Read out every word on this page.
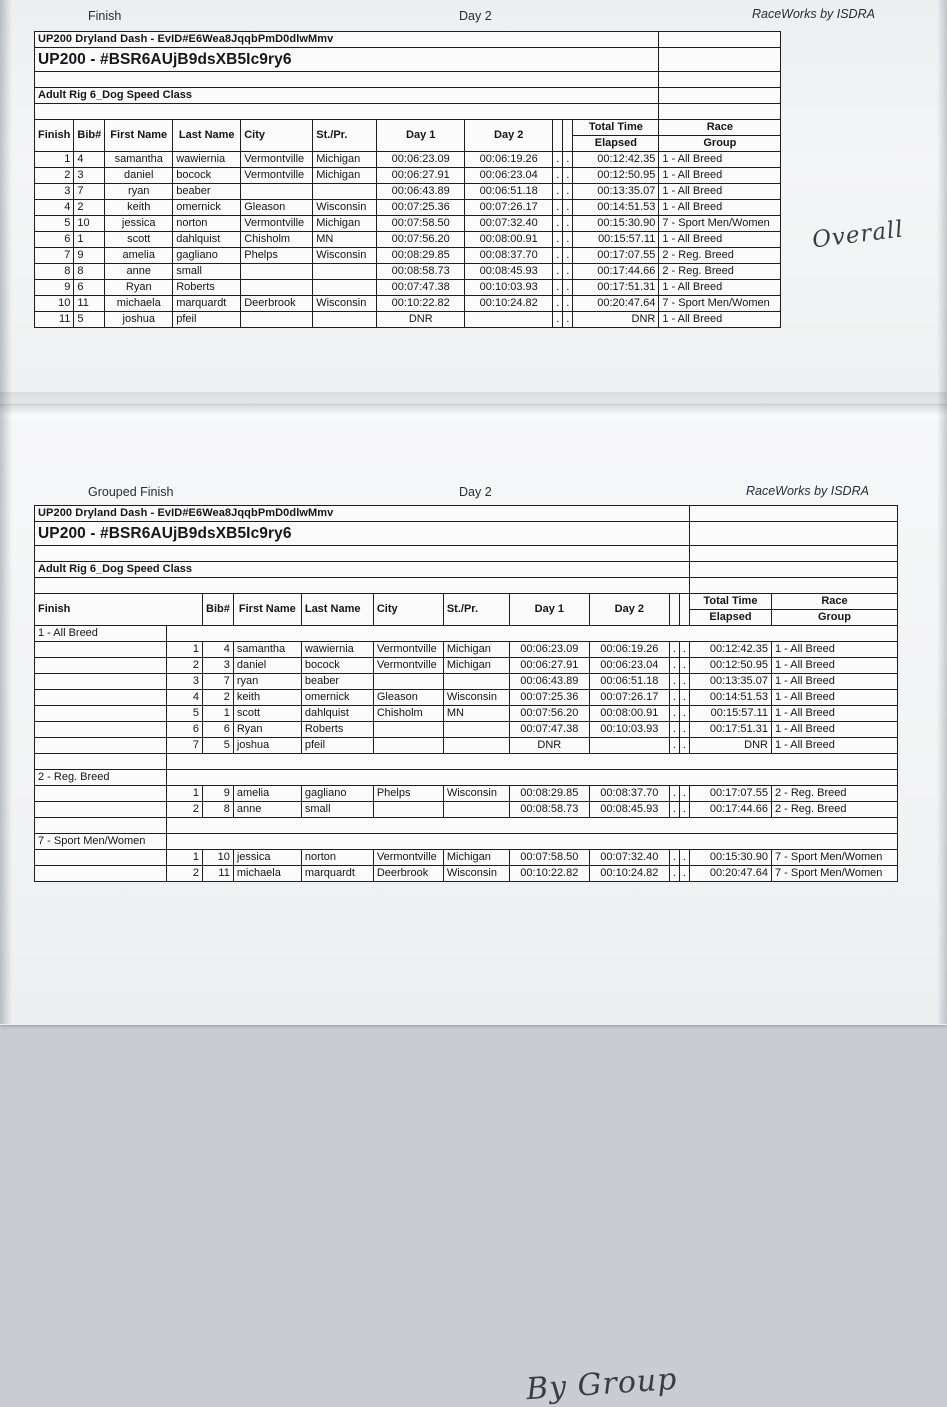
Finish	Day 2	RaceWorks by ISDRA
UP200 Dryland Dash - EvID#E6Wea8JqqbPmD0dlwMmv											
UP200 - #BSR6AUjB9dsXB5Ic9ry6											

Adult Rig 6_Dog Speed Class											

Finish	Bib#	First Name	Last Name	City	St./Pr.	Day 1	Day 2			Total Time	Race
										Elapsed	Group
1	4	samantha	wawiernia	Vermontville	Michigan	00:06:23.09	00:06:19.26	.	.	00:12:42.35	1 - All Breed
2	3	daniel	bocock	Vermontville	Michigan	00:06:27.91	00:06:23.04	.	.	00:12:50.95	1 - All Breed
3	7	ryan	beaber			00:06:43.89	00:06:51.18	.	.	00:13:35.07	1 - All Breed
4	2	keith	omernick	Gleason	Wisconsin	00:07:25.36	00:07:26.17	.	.	00:14:51.53	1 - All Breed
5	10	jessica	norton	Vermontville	Michigan	00:07:58.50	00:07:32.40	.	.	00:15:30.90	7 - Sport Men/Women
6	1	scott	dahlquist	Chisholm	MN	00:07:56.20	00:08:00.91	.	.	00:15:57.11	1 - All Breed
7	9	amelia	gagliano	Phelps	Wisconsin	00:08:29.85	00:08:37.70	.	.	00:17:07.55	2 - Reg. Breed
8	8	anne	small			00:08:58.73	00:08:45.93	.	.	00:17:44.66	2 - Reg. Breed
9	6	Ryan	Roberts			00:07:47.38	00:10:03.93	.	.	00:17:51.31	1 - All Breed
10	11	michaela	marquardt	Deerbrook	Wisconsin	00:10:22.82	00:10:24.82	.	.	00:20:47.64	7 - Sport Men/Women
11	5	joshua	pfeil			DNR		.	.	DNR	1 - All Breed
Overall
Grouped Finish	Day 2	RaceWorks by ISDRA
UP200 Dryland Dash - EvID#E6Wea8JqqbPmD0dlwMmv												
UP200 - #BSR6AUjB9dsXB5Ic9ry6												

Adult Rig 6_Dog Speed Class												

Finish		Bib#	First Name	Last Name	City	St./Pr.	Day 1	Day 2			Total Time	Race
											Elapsed	Group
1 - All Breed												
	1	4	samantha	wawiernia	Vermontville	Michigan	00:06:23.09	00:06:19.26	.	.	00:12:42.35	1 - All Breed
	2	3	daniel	bocock	Vermontville	Michigan	00:06:27.91	00:06:23.04	.	.	00:12:50.95	1 - All Breed
	3	7	ryan	beaber			00:06:43.89	00:06:51.18	.	.	00:13:35.07	1 - All Breed
	4	2	keith	omernick	Gleason	Wisconsin	00:07:25.36	00:07:26.17	.	.	00:14:51.53	1 - All Breed
	5	1	scott	dahlquist	Chisholm	MN	00:07:56.20	00:08:00.91	.	.	00:15:57.11	1 - All Breed
	6	6	Ryan	Roberts			00:07:47.38	00:10:03.93	.	.	00:17:51.31	1 - All Breed
	7	5	joshua	pfeil			DNR		.	.	DNR	1 - All Breed

2 - Reg. Breed												
	1	9	amelia	gagliano	Phelps	Wisconsin	00:08:29.85	00:08:37.70	.	.	00:17:07.55	2 - Reg. Breed
	2	8	anne	small			00:08:58.73	00:08:45.93	.	.	00:17:44.66	2 - Reg. Breed

7 - Sport Men/Women												
	1	10	jessica	norton	Vermontville	Michigan	00:07:58.50	00:07:32.40	.	.	00:15:30.90	7 - Sport Men/Women
	2	11	michaela	marquardt	Deerbrook	Wisconsin	00:10:22.82	00:10:24.82	.	.	00:20:47.64	7 - Sport Men/Women
By Group
